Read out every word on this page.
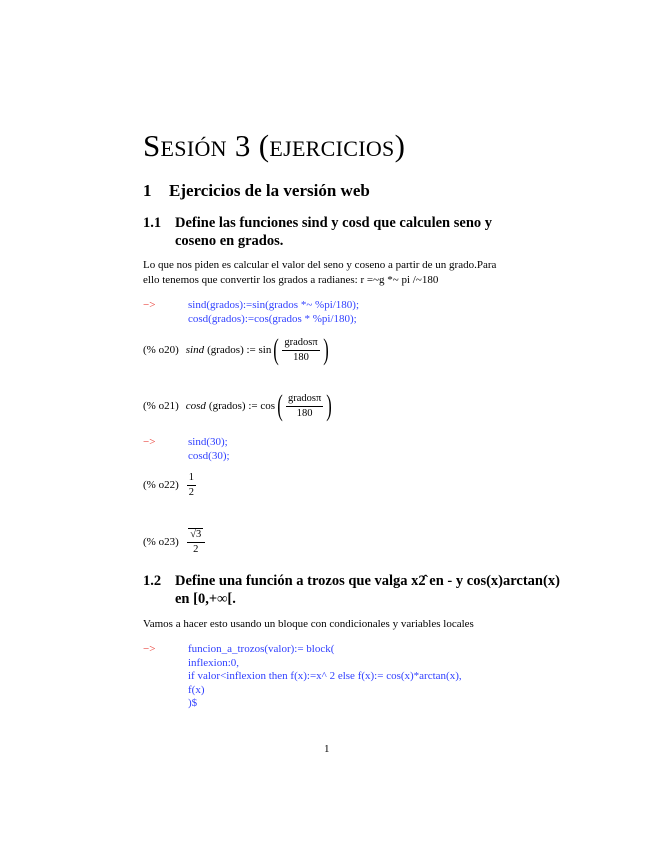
Sesión 3 (ejercicios)
1 Ejercicios de la versión web
1.1 Define las funciones sind y cosd que calculen seno y coseno en grados.
Lo que nos piden es calcular el valor del seno y coseno a partir de un grado.Para
ello tenemos que convertir los grados a radianes: r =~g *~ pi /~180
−>	sind(grados):=sin(grados *~ %pi/180);
cosd(grados):=cos(grados * %pi/180);
(% o20) sind (grados) := sin ( $\frac{\text{gradosπ}}{180}$ )
(% o21) cosd (grados) := cos ( $\frac{\text{gradosπ}}{180}$ )
−>	sind(30);
cosd(30);
(% $o22) \frac{1}{2}$
(% $o23) \frac{√3}{2}$
1.2 Define una función a trozos que valga x2̂ en - y cos(x)arctan(x) en [0,+∞[.
Vamos a hacer esto usando un bloque con condicionales y variables locales
−>	funcion_a_trozos(valor):= block(
inflexion:0,
if valor<inflexion then f(x):=x^ 2 else f(x):= cos(x)*arctan(x),
f(x)
)$
1
